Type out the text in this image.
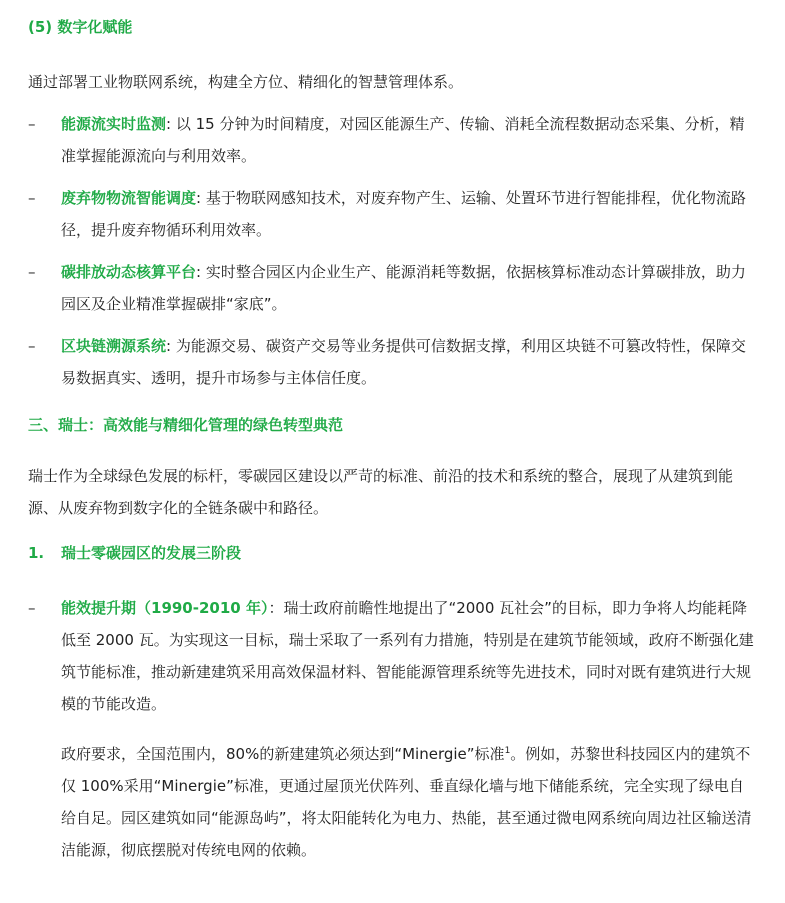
(5) 数字化赋能

通过部署工业物联网系统，构建全方位、精细化的智慧管理体系。

–	能源流实时监测: 以 15 分钟为时间精度，对园区能源生产、传输、消耗全流程数据动态采集、分析，精准掌握能源流向与利用效率。
–	废弃物物流智能调度: 基于物联网感知技术，对废弃物产生、运输、处置环节进行智能排程，优化物流路径，提升废弃物循环利用效率。
–	碳排放动态核算平台: 实时整合园区内企业生产、能源消耗等数据，依据核算标准动态计算碳排放，助力园区及企业精准掌握碳排“家底”。
–	区块链溯源系统: 为能源交易、碳资产交易等业务提供可信数据支撑，利用区块链不可篡改特性，保障交易数据真实、透明，提升市场参与主体信任度。

三、瑞士：高效能与精细化管理的绿色转型典范

瑞士作为全球绿色发展的标杆，零碳园区建设以严苛的标准、前沿的技术和系统的整合，展现了从建筑到能源、从废弃物到数字化的全链条碳中和路径。

1. 瑞士零碳园区的发展三阶段
–	能效提升期（1990-2010 年）：瑞士政府前瞻性地提出了“2000 瓦社会”的目标，即力争将人均能耗降低至 2000 瓦。为实现这一目标，瑞士采取了一系列有力措施，特别是在建筑节能领域，政府不断强化建筑节能标准，推动新建建筑采用高效保温材料、智能能源管理系统等先进技术，同时对既有建筑进行大规模的节能改造。
政府要求，全国范围内，80%的新建建筑必须达到“Minergie”标准$^1$。例如，苏黎世科技园区内的建筑不仅 100%采用“Minergie”标准，更通过屋顶光伏阵列、垂直绿化墙与地下储能系统，完全实现了绿电自给自足。园区建筑如同“能源岛屿”，将太阳能转化为电力、热能，甚至通过微电网系统向周边社区输送清洁能源，彻底摆脱对传统电网的依赖。
